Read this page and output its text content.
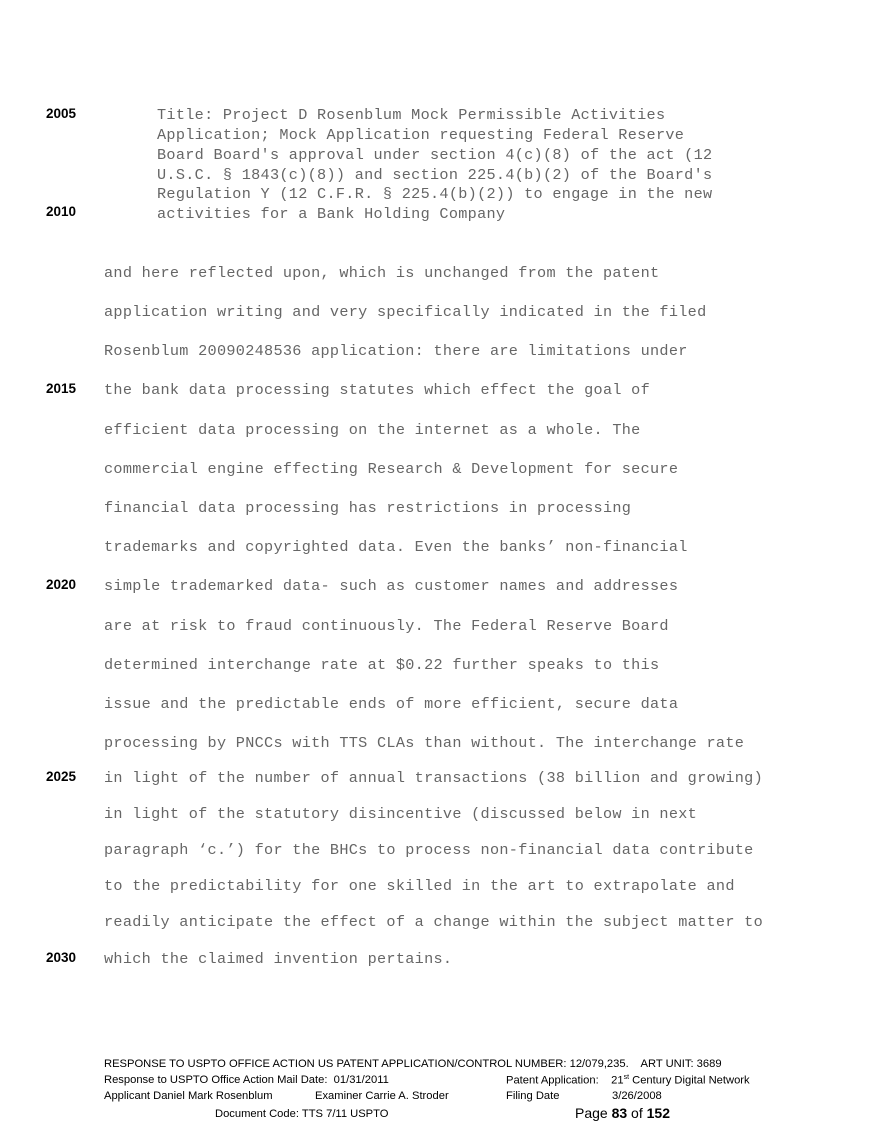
2005
2010
2015
2020
2025
2030
Title: Project D Rosenblum Mock Permissible Activities
Application; Mock Application requesting Federal Reserve
Board Board's approval under section 4(c)(8) of the act (12
U.S.C. § 1843(c)(8)) and section 225.4(b)(2) of the Board's
Regulation Y (12 C.F.R. § 225.4(b)(2)) to engage in the new
activities for a Bank Holding Company
and here reflected upon, which is unchanged from the patent
application writing and very specifically indicated in the filed
Rosenblum 20090248536 application: there are limitations under
the bank data processing statutes which effect the goal of
efficient data processing on the internet as a whole. The
commercial engine effecting Research & Development for secure
financial data processing has restrictions in processing
trademarks and copyrighted data. Even the banks’ non-financial
simple trademarked data- such as customer names and addresses
are at risk to fraud continuously. The Federal Reserve Board
determined interchange rate at $0.22 further speaks to this
issue and the predictable ends of more efficient, secure data
processing by PNCCs with TTS CLAs than without. The interchange rate
in light of the number of annual transactions (38 billion and growing)
in light of the statutory disincentive (discussed below in next
paragraph ‘c.’) for the BHCs to process non-financial data contribute
to the predictability for one skilled in the art to extrapolate and
readily anticipate the effect of a change within the subject matter to
which the claimed invention pertains.
RESPONSE TO USPTO OFFICE ACTION US PATENT APPLICATION/CONTROL NUMBER: 12/079,235.    ART UNIT: 3689
Response to USPTO Office Action Mail Date:  01/31/2011	Patent Application:    21st Century Digital Network
Applicant Daniel Mark Rosenblum	Examiner Carrie A. Stroder	Filing Date	3/26/2008
Document Code: TTS 7/11 USPTO	Page 83 of 152
